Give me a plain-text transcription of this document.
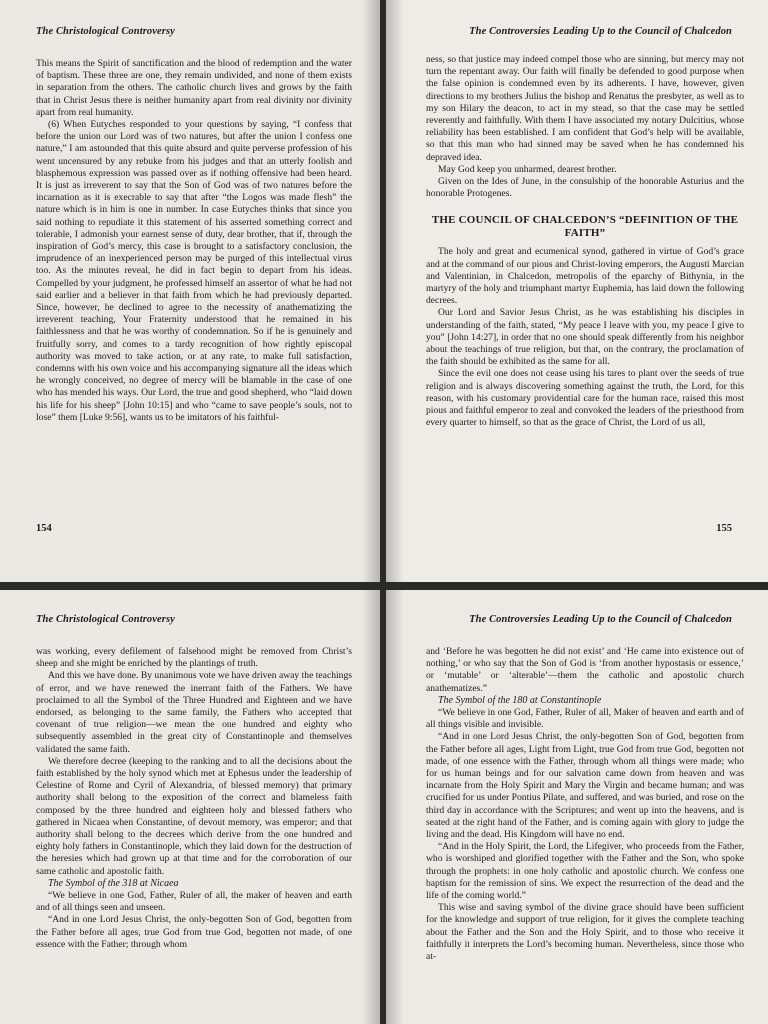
The Christological Controversy

This means the Spirit of sanctification and the blood of redemption and the water of baptism. These three are one, they remain undivided, and none of them exists in separation from the others. The catholic church lives and grows by the faith that in Christ Jesus there is neither humanity apart from real divinity nor divinity apart from real humanity.

(6) When Eutyches responded to your questions by saying, “I confess that before the union our Lord was of two natures, but after the union I confess one nature,” I am astounded that this quite absurd and quite perverse profession of his went uncensured by any rebuke from his judges and that an utterly foolish and blasphemous expression was passed over as if nothing offensive had been heard. It is just as irreverent to say that the Son of God was of two natures before the incarnation as it is execrable to say that after “the Logos was made flesh” the nature which is in him is one in number. In case Eutyches thinks that since you said nothing to repudiate it this statement of his asserted something correct and tolerable, I admonish your earnest sense of duty, dear brother, that if, through the inspiration of God’s mercy, this case is brought to a satisfactory conclusion, the imprudence of an inexperienced person may be purged of this intellectual virus too. As the minutes reveal, he did in fact begin to depart from his ideas. Compelled by your judgment, he professed himself an assertor of what he had not said earlier and a believer in that faith from which he had previously departed. Since, however, he declined to agree to the necessity of anathematizing the irreverent teaching, Your Fraternity understood that he remained in his faithlessness and that he was worthy of condemnation. So if he is genuinely and fruitfully sorry, and comes to a tardy recognition of how rightly episcopal authority was moved to take action, or at any rate, to make full satisfaction, condemns with his own voice and his accompanying signature all the ideas which he wrongly conceived, no degree of mercy will be blamable in the case of one who has mended his ways. Our Lord, the true and good shepherd, who “laid down his life for his sheep” [John 10:15] and who “came to save people’s souls, not to lose” them [Luke 9:56], wants us to be imitators of his faithful-

154
The Controversies Leading Up to the Council of Chalcedon

ness, so that justice may indeed compel those who are sinning, but mercy may not turn the repentant away. Our faith will finally be defended to good purpose when the false opinion is condemned even by its adherents. I have, however, given directions to my brothers Julius the bishop and Renatus the presbyter, as well as to my son Hilary the deacon, to act in my stead, so that the case may be settled reverently and faithfully. With them I have associated my notary Dulcitius, whose reliability has been established. I am confident that God’s help will be available, so that this man who had sinned may be saved when he has condemned his depraved idea.

May God keep you unharmed, dearest brother.

Given on the Ides of June, in the consulship of the honorable Asturius and the honorable Protogenes.

THE COUNCIL OF CHALCEDON’S “DEFINITION OF THE FAITH”

The holy and great and ecumenical synod, gathered in virtue of God’s grace and at the command of our pious and Christ-loving emperors, the Augusti Marcian and Valentinian, in Chalcedon, metropolis of the eparchy of Bithynia, in the martyry of the holy and triumphant martyr Euphemia, has laid down the following decrees.

Our Lord and Savior Jesus Christ, as he was establishing his disciples in understanding of the faith, stated, “My peace I leave with you, my peace I give to you” [John 14:27], in order that no one should speak differently from his neighbor about the teachings of true religion, but that, on the contrary, the proclamation of the faith should be exhibited as the same for all.

Since the evil one does not cease using his tares to plant over the seeds of true religion and is always discovering something against the truth, the Lord, for this reason, with his customary providential care for the human race, raised this most pious and faithful emperor to zeal and convoked the leaders of the priesthood from every quarter to himself, so that as the grace of Christ, the Lord of us all,

155
The Christological Controversy

was working, every defilement of falsehood might be removed from Christ’s sheep and she might be enriched by the plantings of truth.

And this we have done. By unanimous vote we have driven away the teachings of error, and we have renewed the inerrant faith of the Fathers. We have proclaimed to all the Symbol of the Three Hundred and Eighteen and we have endorsed, as belonging to the same family, the Fathers who accepted that covenant of true religion—we mean the one hundred and eighty who subsequently assembled in the great city of Constantinople and themselves validated the same faith.

We therefore decree (keeping to the ranking and to all the decisions about the faith established by the holy synod which met at Ephesus under the leadership of Celestine of Rome and Cyril of Alexandria, of blessed memory) that primary authority shall belong to the exposition of the correct and blameless faith composed by the three hundred and eighteen holy and blessed fathers who gathered in Nicaea when Constantine, of devout memory, was emperor; and that authority shall belong to the decrees which derive from the one hundred and eighty holy fathers in Constantinople, which they laid down for the destruction of the heresies which had grown up at that time and for the corroboration of our same catholic and apostolic faith.

The Symbol of the 318 at Nicaea

“We believe in one God, Father, Ruler of all, the maker of heaven and earth and of all things seen and unseen.

“And in one Lord Jesus Christ, the only-begotten Son of God, begotten from the Father before all ages, true God from true God, begotten not made, of one essence with the Father; through whom

The Controversies Leading Up to the Council of Chalcedon

and ‘Before he was begotten he did not exist’ and ‘He came into existence out of nothing,’ or who say that the Son of God is ‘from another hypostasis or essence,’ or ‘mutable’ or ‘alterable’—them the catholic and apostolic church anathematizes.”

The Symbol of the 180 at Constantinople

“We believe in one God, Father, Ruler of all, Maker of heaven and earth and of all things visible and invisible.

“And in one Lord Jesus Christ, the only-begotten Son of God, begotten from the Father before all ages, Light from Light, true God from true God, begotten not made, of one essence with the Father, through whom all things were made; who for us human beings and for our salvation came down from heaven and was incarnate from the Holy Spirit and Mary the Virgin and became human; and was crucified for us under Pontius Pilate, and suffered, and was buried, and rose on the third day in accordance with the Scriptures; and went up into the heavens, and is seated at the right hand of the Father, and is coming again with glory to judge the living and the dead. His Kingdom will have no end.

“And in the Holy Spirit, the Lord, the Lifegiver, who proceeds from the Father, who is worshiped and glorified together with the Father and the Son, who spoke through the prophets: in one holy catholic and apostolic church. We confess one baptism for the remission of sins. We expect the resurrection of the dead and the life of the coming world.”

This wise and saving symbol of the divine grace should have been sufficient for the knowledge and support of true religion, for it gives the complete teaching about the Father and the Son and the Holy Spirit, and to those who receive it faithfully it interprets the Lord’s becoming human. Nevertheless, since those who at-
